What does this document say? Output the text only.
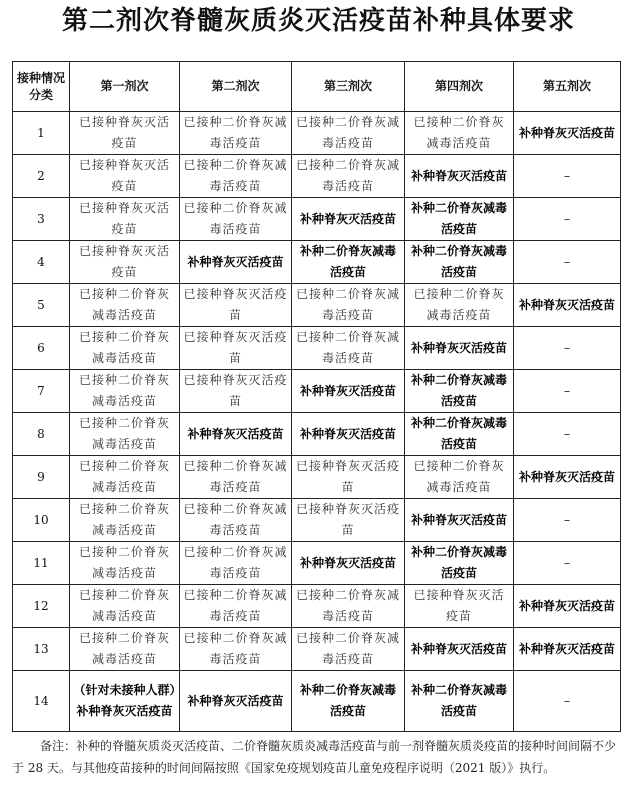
第二剂次脊髓灰质炎灭活疫苗补种具体要求
接种情况分类	第一剂次	第二剂次	第三剂次	第四剂次	第五剂次
1	已接种脊灰灭活疫苗	已接种二价脊灰减毒活疫苗	已接种二价脊灰减毒活疫苗	已接种二价脊灰减毒活疫苗	补种脊灰灭活疫苗
2	已接种脊灰灭活疫苗	已接种二价脊灰减毒活疫苗	已接种二价脊灰减毒活疫苗	补种脊灰灭活疫苗	–
3	已接种脊灰灭活疫苗	已接种二价脊灰减毒活疫苗	补种脊灰灭活疫苗	补种二价脊灰减毒活疫苗	–
4	已接种脊灰灭活疫苗	补种脊灰灭活疫苗	补种二价脊灰减毒活疫苗	补种二价脊灰减毒活疫苗	–
5	已接种二价脊灰减毒活疫苗	已接种脊灰灭活疫苗	已接种二价脊灰减毒活疫苗	已接种二价脊灰减毒活疫苗	补种脊灰灭活疫苗
6	已接种二价脊灰减毒活疫苗	已接种脊灰灭活疫苗	已接种二价脊灰减毒活疫苗	补种脊灰灭活疫苗	–
7	已接种二价脊灰减毒活疫苗	已接种脊灰灭活疫苗	补种脊灰灭活疫苗	补种二价脊灰减毒活疫苗	–
8	已接种二价脊灰减毒活疫苗	补种脊灰灭活疫苗	补种脊灰灭活疫苗	补种二价脊灰减毒活疫苗	–
9	已接种二价脊灰减毒活疫苗	已接种二价脊灰减毒活疫苗	已接种脊灰灭活疫苗	已接种二价脊灰减毒活疫苗	补种脊灰灭活疫苗
10	已接种二价脊灰减毒活疫苗	已接种二价脊灰减毒活疫苗	已接种脊灰灭活疫苗	补种脊灰灭活疫苗	–
11	已接种二价脊灰减毒活疫苗	已接种二价脊灰减毒活疫苗	补种脊灰灭活疫苗	补种二价脊灰减毒活疫苗	–
12	已接种二价脊灰减毒活疫苗	已接种二价脊灰减毒活疫苗	已接种二价脊灰减毒活疫苗	已接种脊灰灭活疫苗	补种脊灰灭活疫苗
13	已接种二价脊灰减毒活疫苗	已接种二价脊灰减毒活疫苗	已接种二价脊灰减毒活疫苗	补种脊灰灭活疫苗	补种脊灰灭活疫苗
14	（针对未接种人群）补种脊灰灭活疫苗	补种脊灰灭活疫苗	补种二价脊灰减毒活疫苗	补种二价脊灰减毒活疫苗	–
备注：补种的脊髓灰质炎灭活疫苗、二价脊髓灰质炎减毒活疫苗与前一剂脊髓灰质炎疫苗的接种时间间隔不少于 28 天。与其他疫苗接种的时间间隔按照《国家免疫规划疫苗儿童免疫程序说明（2021 版）》执行。
